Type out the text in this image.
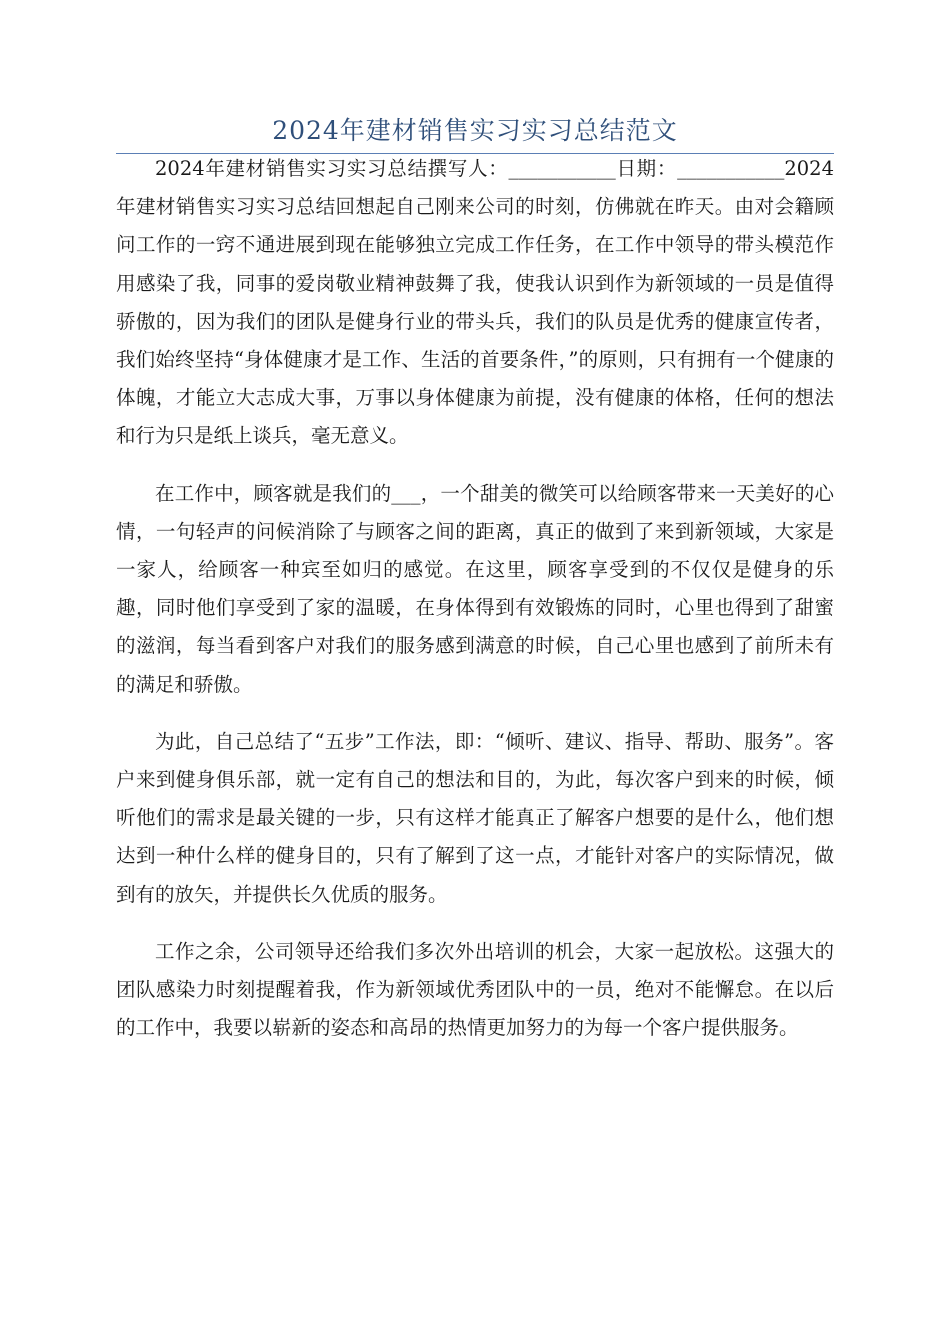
2024年建材销售实习实习总结范文

2024年建材销售实习实习总结撰写人：___________日期：___________2024年建材销售实习实习总结回想起自己刚来公司的时刻，仿佛就在昨天。由对会籍顾问工作的一窍不通进展到现在能够独立完成工作任务，在工作中领导的带头模范作用感染了我，同事的爱岗敬业精神鼓舞了我，使我认识到作为新领域的一员是值得骄傲的，因为我们的团队是健身行业的带头兵，我们的队员是优秀的健康宣传者，我们始终坚持“身体健康才是工作、生活的首要条件，”的原则，只有拥有一个健康的体魄，才能立大志成大事，万事以身体健康为前提，没有健康的体格，任何的想法和行为只是纸上谈兵，毫无意义。

在工作中，顾客就是我们的___，一个甜美的微笑可以给顾客带来一天美好的心情，一句轻声的问候消除了与顾客之间的距离，真正的做到了来到新领域，大家是一家人，给顾客一种宾至如归的感觉。在这里，顾客享受到的不仅仅是健身的乐趣，同时他们享受到了家的温暖，在身体得到有效锻炼的同时，心里也得到了甜蜜的滋润，每当看到客户对我们的服务感到满意的时候，自己心里也感到了前所未有的满足和骄傲。

为此，自己总结了“五步”工作法，即：“倾听、建议、指导、帮助、服务”。客户来到健身俱乐部，就一定有自己的想法和目的，为此，每次客户到来的时候，倾听他们的需求是最关键的一步，只有这样才能真正了解客户想要的是什么，他们想达到一种什么样的健身目的，只有了解到了这一点，才能针对客户的实际情况，做到有的放矢，并提供长久优质的服务。

工作之余，公司领导还给我们多次外出培训的机会，大家一起放松。这强大的团队感染力时刻提醒着我，作为新领域优秀团队中的一员，绝对不能懈怠。在以后的工作中，我要以崭新的姿态和高昂的热情更加努力的为每一个客户提供服务。
